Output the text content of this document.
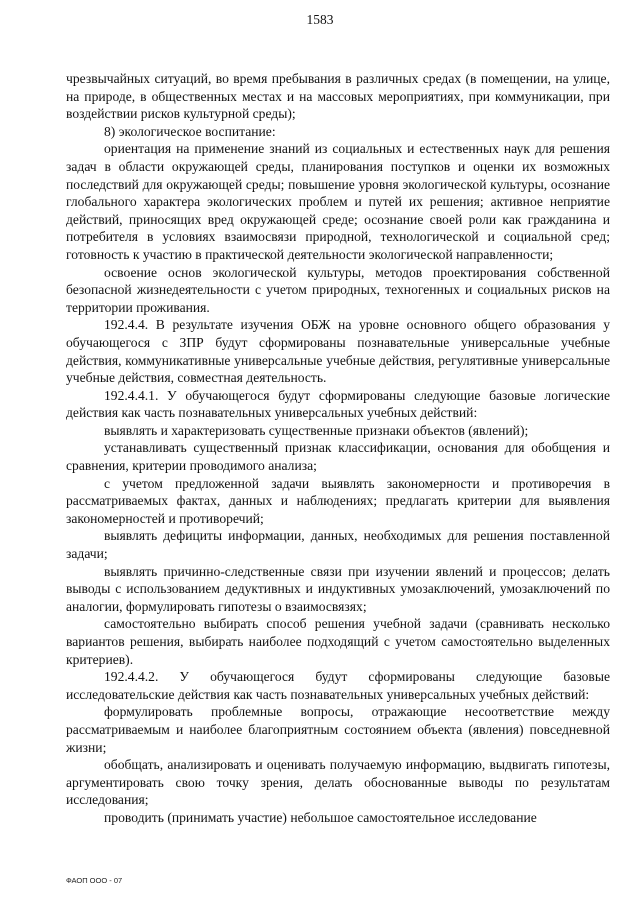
1583

чрезвычайных ситуаций, во время пребывания в различных средах (в помещении, на улице, на природе, в общественных местах и на массовых мероприятиях, при коммуникации, при воздействии рисков культурной среды);

8) экологическое воспитание:

ориентация на применение знаний из социальных и естественных наук для решения задач в области окружающей среды, планирования поступков и оценки их возможных последствий для окружающей среды; повышение уровня экологической культуры, осознание глобального характера экологических проблем и путей их решения; активное неприятие действий, приносящих вред окружающей среде; осознание своей роли как гражданина и потребителя в условиях взаимосвязи природной, технологической и социальной сред; готовность к участию в практической деятельности экологической направленности;

освоение основ экологической культуры, методов проектирования собственной безопасной жизнедеятельности с учетом природных, техногенных и социальных рисков на территории проживания.

192.4.4. В результате изучения ОБЖ на уровне основного общего образования у обучающегося с ЗПР будут сформированы познавательные универсальные учебные действия, коммуникативные универсальные учебные действия, регулятивные универсальные учебные действия, совместная деятельность.

192.4.4.1. У обучающегося будут сформированы следующие базовые логические действия как часть познавательных универсальных учебных действий:

выявлять и характеризовать существенные признаки объектов (явлений);

устанавливать существенный признак классификации, основания для обобщения и сравнения, критерии проводимого анализа;

с учетом предложенной задачи выявлять закономерности и противоречия в рассматриваемых фактах, данных и наблюдениях; предлагать критерии для выявления закономерностей и противоречий;

выявлять дефициты информации, данных, необходимых для решения поставленной задачи;

выявлять причинно-следственные связи при изучении явлений и процессов; делать выводы с использованием дедуктивных и индуктивных умозаключений, умозаключений по аналогии, формулировать гипотезы о взаимосвязях;

самостоятельно выбирать способ решения учебной задачи (сравнивать несколько вариантов решения, выбирать наиболее подходящий с учетом самостоятельно выделенных критериев).

192.4.4.2. У обучающегося будут сформированы следующие базовые исследовательские действия как часть познавательных универсальных учебных действий:

формулировать проблемные вопросы, отражающие несоответствие между рассматриваемым и наиболее благоприятным состоянием объекта (явления) повседневной жизни;

обобщать, анализировать и оценивать получаемую информацию, выдвигать гипотезы, аргументировать свою точку зрения, делать обоснованные выводы по результатам исследования;

проводить (принимать участие) небольшое самостоятельное исследование

ФАОП ООО - 07
